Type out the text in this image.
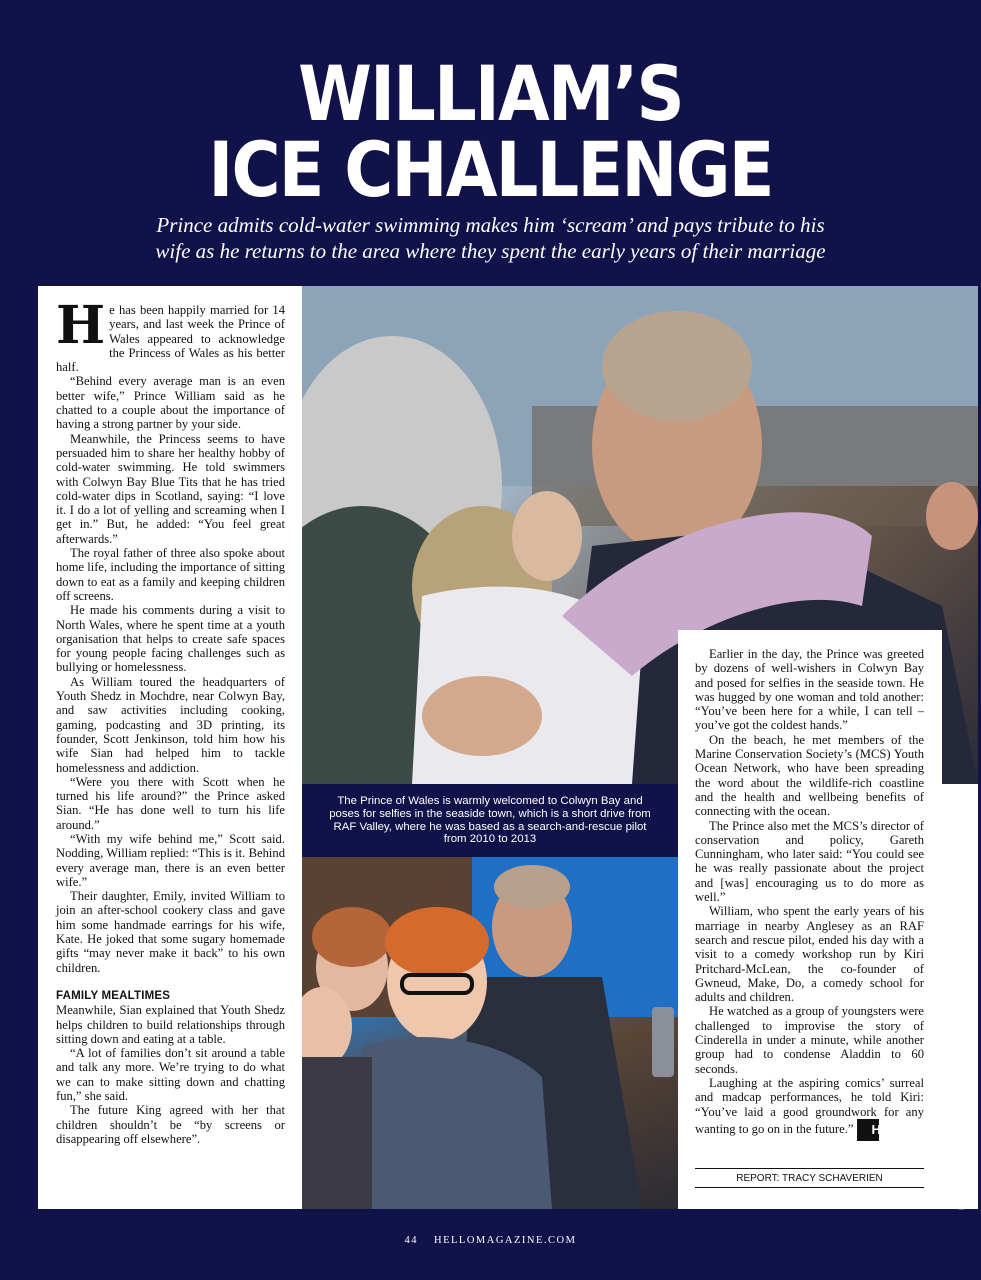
WILLIAM’S
ICE CHALLENGE
Prince admits cold-water swimming makes him ‘scream’ and pays tribute to his
wife as he returns to the area where they spent the early years of their marriage
The Prince of Wales is warmly welcomed to Colwyn Bay and poses for selfies in the seaside town, which is a short drive from RAF Valley, where he was based as a search-and-rescue pilot from 2010 to 2013

He has been happily married for 14 years, and last week the Prince of Wales appeared to acknowledge the Princess of Wales as his better half.

“Behind every average man is an even better wife,” Prince William said as he chatted to a couple about the importance of having a strong partner by your side.

Meanwhile, the Princess seems to have persuaded him to share her healthy hobby of cold-water swimming. He told swimmers with Colwyn Bay Blue Tits that he has tried cold-water dips in Scotland, saying: “I love it. I do a lot of yelling and screaming when I get in.” But, he added: “You feel great afterwards.”

The royal father of three also spoke about home life, including the importance of sitting down to eat as a family and keeping children off screens.

He made his comments during a visit to North Wales, where he spent time at a youth organisation that helps to create safe spaces for young people facing challenges such as bullying or homelessness.

As William toured the headquarters of Youth Shedz in Mochdre, near Colwyn Bay, and saw activities including cooking, gaming, podcasting and 3D printing, its founder, Scott Jenkinson, told him how his wife Sian had helped him to tackle homelessness and addiction.

“Were you there with Scott when he turned his life around?” the Prince asked Sian. “He has done well to turn his life around.”

“With my wife behind me,” Scott said. Nodding, William replied: “This is it. Behind every average man, there is an even better wife.”

Their daughter, Emily, invited William to join an after-school cookery class and gave him some handmade earrings for his wife, Kate. He joked that some sugary homemade gifts “may never make it back” to his own children.

FAMILY MEALTIMES

Meanwhile, Sian explained that Youth Shedz helps children to build relationships through sitting down and eating at a table.

“A lot of families don’t sit around a table and talk any more. We’re trying to do what we can to make sitting down and chatting fun,” she said.

The future King agreed with her that children shouldn’t be “by screens or disappearing off elsewhere”.

Earlier in the day, the Prince was greeted by dozens of well-wishers in Colwyn Bay and posed for selfies in the seaside town. He was hugged by one woman and told another: “You’ve been here for a while, I can tell – you’ve got the coldest hands.”

On the beach, he met members of the Marine Conservation Society’s (MCS) Youth Ocean Network, who have been spreading the word about the wildlife-rich coastline and the health and wellbeing benefits of connecting with the ocean.

The Prince also met the MCS’s director of conservation and policy, Gareth Cunningham, who later said: “You could see he was really passionate about the project and [was] encouraging us to do more as well.”

William, who spent the early years of his marriage in nearby Anglesey as an RAF search and rescue pilot, ended his day with a visit to a comedy workshop run by Kiri Pritchard-McLean, the co-founder of Gwneud, Make, Do, a comedy school for adults and children.

He watched as a group of youngsters were challenged to improvise the story of Cinderella in under a minute, while another group had to condense Aladdin to 60 seconds.

Laughing at the aspiring comics’ surreal and madcap performances, he told Kiri: “You’ve laid a good groundwork for any wanting to go on in the future.” H

REPORT: TRACY SCHAVERIEN	PHOTOS: OLIVER TURRELL, PA IMAGES
44 HELLOMAGAZINE.COM
